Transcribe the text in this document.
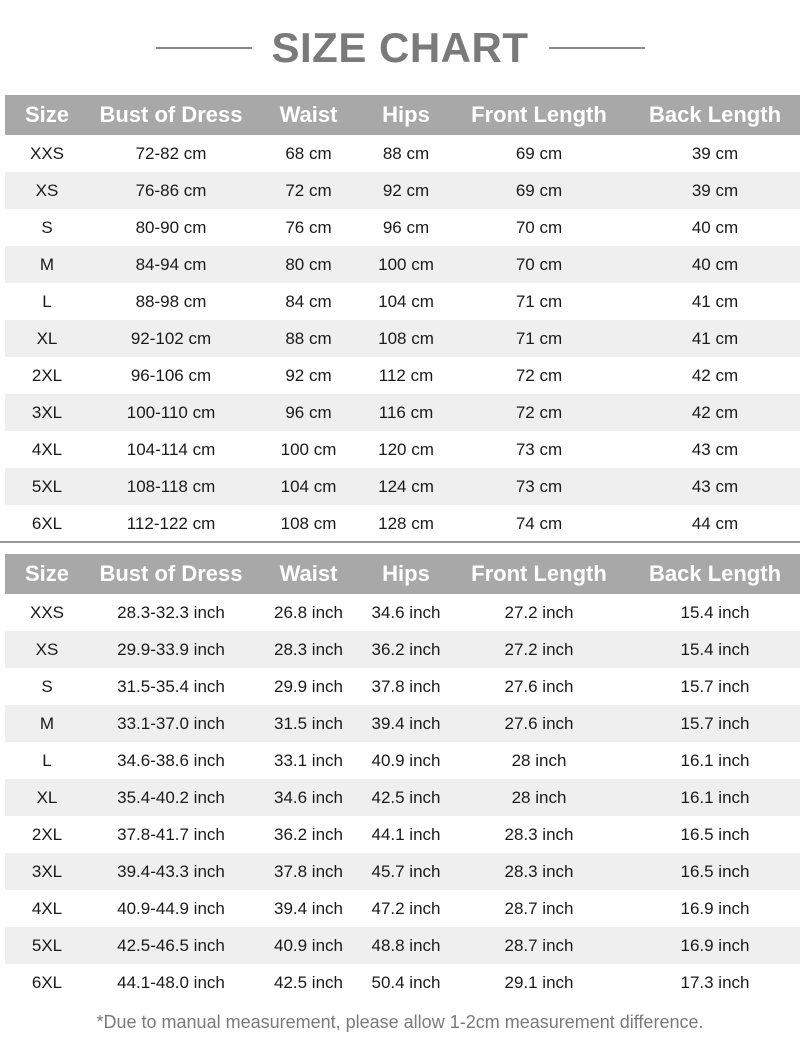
SIZE CHART
Size	Bust of Dress	Waist	Hips	Front Length	Back Length
XXS	72-82 cm	68 cm	88 cm	69 cm	39 cm
XS	76-86 cm	72 cm	92 cm	69 cm	39 cm
S	80-90 cm	76 cm	96 cm	70 cm	40 cm
M	84-94 cm	80 cm	100 cm	70 cm	40 cm
L	88-98 cm	84 cm	104 cm	71 cm	41 cm
XL	92-102 cm	88 cm	108 cm	71 cm	41 cm
2XL	96-106 cm	92 cm	112 cm	72 cm	42 cm
3XL	100-110 cm	96 cm	116 cm	72 cm	42 cm
4XL	104-114 cm	100 cm	120 cm	73 cm	43 cm
5XL	108-118 cm	104 cm	124 cm	73 cm	43 cm
6XL	112-122 cm	108 cm	128 cm	74 cm	44 cm
Size	Bust of Dress	Waist	Hips	Front Length	Back Length
XXS	28.3-32.3 inch	26.8 inch	34.6 inch	27.2 inch	15.4 inch
XS	29.9-33.9 inch	28.3 inch	36.2 inch	27.2 inch	15.4 inch
S	31.5-35.4 inch	29.9 inch	37.8 inch	27.6 inch	15.7 inch
M	33.1-37.0 inch	31.5 inch	39.4 inch	27.6 inch	15.7 inch
L	34.6-38.6 inch	33.1 inch	40.9 inch	28 inch	16.1 inch
XL	35.4-40.2 inch	34.6 inch	42.5 inch	28 inch	16.1 inch
2XL	37.8-41.7 inch	36.2 inch	44.1 inch	28.3 inch	16.5 inch
3XL	39.4-43.3 inch	37.8 inch	45.7 inch	28.3 inch	16.5 inch
4XL	40.9-44.9 inch	39.4 inch	47.2 inch	28.7 inch	16.9 inch
5XL	42.5-46.5 inch	40.9 inch	48.8 inch	28.7 inch	16.9 inch
6XL	44.1-48.0 inch	42.5 inch	50.4 inch	29.1 inch	17.3 inch
*Due to manual measurement, please allow 1-2cm measurement difference.
